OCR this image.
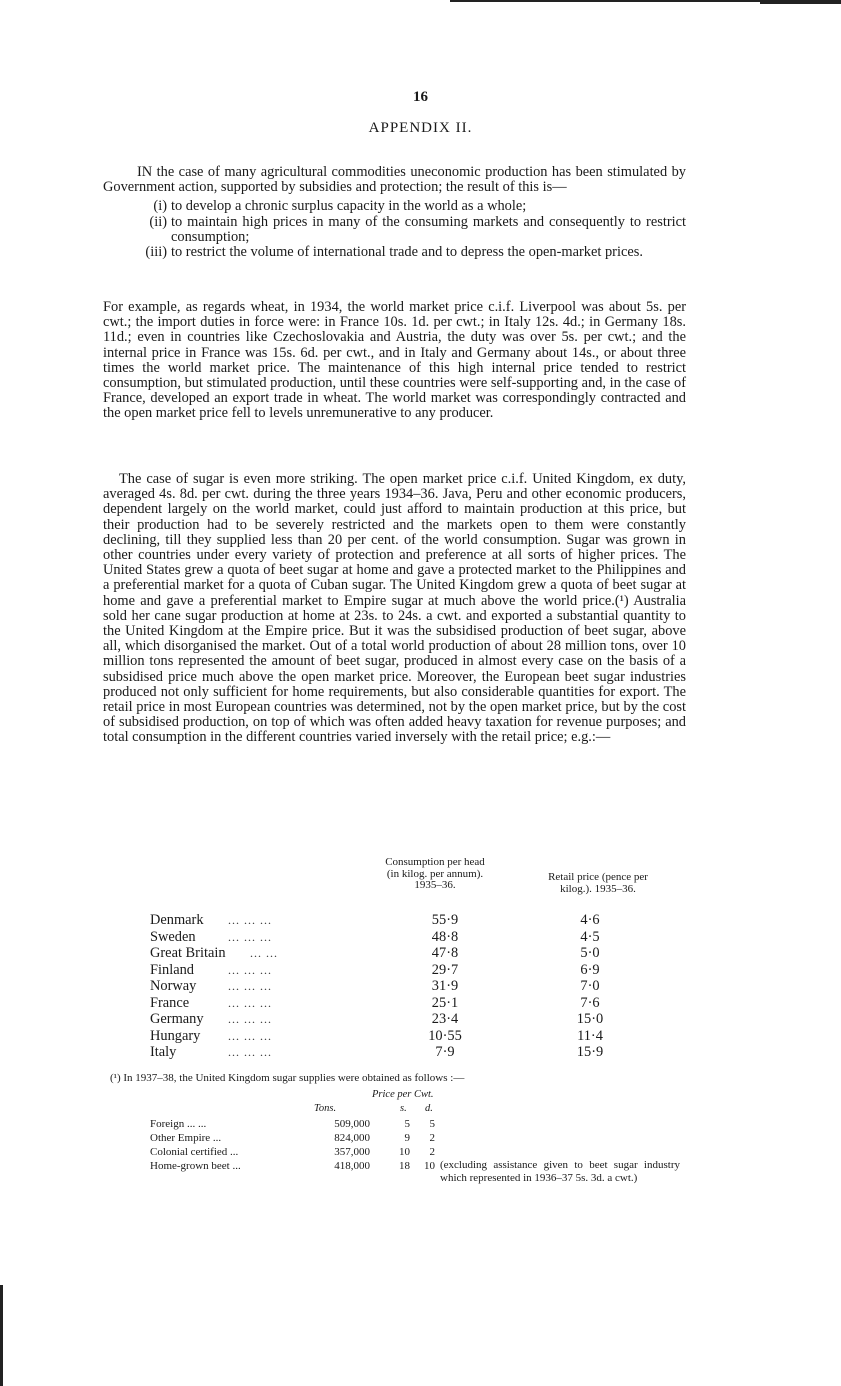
16
APPENDIX II.

IN the case of many agricultural commodities uneconomic production has been stimulated by Government action, supported by subsidies and protection; the result of this is—

(i) to develop a chronic surplus capacity in the world as a whole;
(ii) to maintain high prices in many of the consuming markets and consequently to restrict consumption;
(iii) to restrict the volume of international trade and to depress the open-market prices.

For example, as regards wheat, in 1934, the world market price c.i.f. Liverpool was about 5s. per cwt.; the import duties in force were: in France 10s. 1d. per cwt.; in Italy 12s. 4d.; in Germany 18s. 11d.; even in countries like Czechoslovakia and Austria, the duty was over 5s. per cwt.; and the internal price in France was 15s. 6d. per cwt., and in Italy and Germany about 14s., or about three times the world market price. The maintenance of this high internal price tended to restrict consumption, but stimulated production, until these countries were self-supporting and, in the case of France, developed an export trade in wheat. The world market was correspondingly contracted and the open market price fell to levels unremunerative to any producer.

The case of sugar is even more striking. The open market price c.i.f. United Kingdom, ex duty, averaged 4s. 8d. per cwt. during the three years 1934–36. Java, Peru and other economic producers, dependent largely on the world market, could just afford to maintain production at this price, but their production had to be severely restricted and the markets open to them were constantly declining, till they supplied less than 20 per cent. of the world consumption. Sugar was grown in other countries under every variety of protection and preference at all sorts of higher prices. The United States grew a quota of beet sugar at home and gave a protected market to the Philippines and a preferential market for a quota of Cuban sugar. The United Kingdom grew a quota of beet sugar at home and gave a preferential market to Empire sugar at much above the world price.(¹) Australia sold her cane sugar production at home at 23s. to 24s. a cwt. and exported a substantial quantity to the United Kingdom at the Empire price. But it was the subsidised production of beet sugar, above all, which disorganised the market. Out of a total world production of about 28 million tons, over 10 million tons represented the amount of beet sugar, produced in almost every case on the basis of a subsidised price much above the open market price. Moreover, the European beet sugar industries produced not only sufficient for home requirements, but also considerable quantities for export. The retail price in most European countries was determined, not by the open market price, but by the cost of subsidised production, on top of which was often added heavy taxation for revenue purposes; and total consumption in the different countries varied inversely with the retail price; e.g.:—

Consumption per head (in kilog. per annum). 1935–36.
Retail price (pence per kilog.). 1935–36.
Denmark ... ... ...	55·9	4·6
Sweden	... ... ...	48·8	4·5
Great Britain ... ...	47·8	5·0
Finland	... ... ...	29·7	6·9
Norway	... ... ...	31·9	7·0
France	... ... ...	25·1	7·6
Germany ... ... ...	23·4	15·0
Hungary ... ... ...	10·55	11·4
Italy	... ... ...	7·9	15·9

(¹) In 1937–38, the United Kingdom sugar supplies were obtained as follows :—

Price per Cwt.
Tons.	s. d.
Foreign ... ...	509,000	5	5
Other Empire ...	824,000	9	2
Colonial certified ...	357,000	10	2
Home-grown beet ...	418,000	18	10 (excluding assistance given to beet sugar industry which represented in 1936–37 5s. 3d. a cwt.)
